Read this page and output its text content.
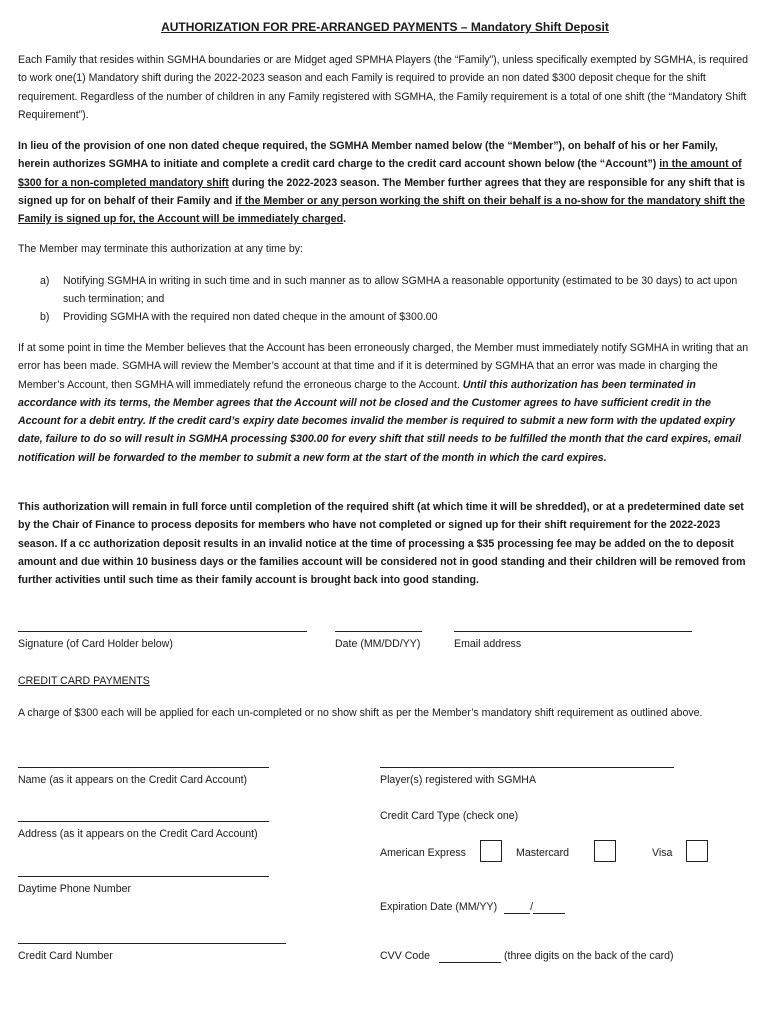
AUTHORIZATION FOR PRE-ARRANGED PAYMENTS – Mandatory Shift Deposit

Each Family that resides within SGMHA boundaries or are Midget aged SPMHA Players (the “Family”), unless specifically exempted by SGMHA, is required to work one(1) Mandatory shift during the 2022-2023 season and each Family is required to provide an non dated $300 deposit cheque for the shift requirement. Regardless of the number of children in any Family registered with SGMHA, the Family requirement is a total of one shift (the “Mandatory Shift Requirement”).

In lieu of the provision of one non dated cheque required, the SGMHA Member named below (the “Member”), on behalf of his or her Family, herein authorizes SGMHA to initiate and complete a credit card charge to the credit card account shown below (the “Account”) in the amount of $300 for a non-completed mandatory shift during the 2022-2023 season. The Member further agrees that they are responsible for any shift that is signed up for on behalf of their Family and if the Member or any person working the shift on their behalf is a no-show for the mandatory shift the Family is signed up for, the Account will be immediately charged.

The Member may terminate this authorization at any time by:

a) Notifying SGMHA in writing in such time and in such manner as to allow SGMHA a reasonable opportunity (estimated to be 30 days) to act upon such termination; and
b) Providing SGMHA with the required non dated cheque in the amount of $300.00

If at some point in time the Member believes that the Account has been erroneously charged, the Member must immediately notify SGMHA in writing that an error has been made. SGMHA will review the Member’s account at that time and if it is determined by SGMHA that an error was made in charging the Member’s Account, then SGMHA will immediately refund the erroneous charge to the Account. Until this authorization has been terminated in accordance with its terms, the Member agrees that the Account will not be closed and the Customer agrees to have sufficient credit in the Account for a debit entry. If the credit card’s expiry date becomes invalid the member is required to submit a new form with the updated expiry date, failure to do so will result in SGMHA processing $300.00 for every shift that still needs to be fulfilled the month that the card expires, email notification will be forwarded to the member to submit a new form at the start of the month in which the card expires.

This authorization will remain in full force until completion of the required shift (at which time it will be shredded), or at a predetermined date set by the Chair of Finance to process deposits for members who have not completed or signed up for their shift requirement for the 2022-2023 season. If a cc authorization deposit results in an invalid notice at the time of processing a $35 processing fee may be added on the to deposit amount and due within 10 business days or the families account will be considered not in good standing and their children will be removed from further activities until such time as their family account is brought back into good standing.

Signature (of Card Holder below)	Date (MM/DD/YY)	Email address
CREDIT CARD PAYMENTS

A charge of $300 each will be applied for each un-completed or no show shift as per the Member’s mandatory shift requirement as outlined above.

Name (as it appears on the Credit Card Account)
Address (as it appears on the Credit Card Account)
Daytime Phone Number
Credit Card Number
Player(s) registered with SGMHA
Credit Card Type (check one)
American Express	Mastercard	Visa
Expiration Date (MM/YY)	/
CVV Code	(three digits on the back of the card)
